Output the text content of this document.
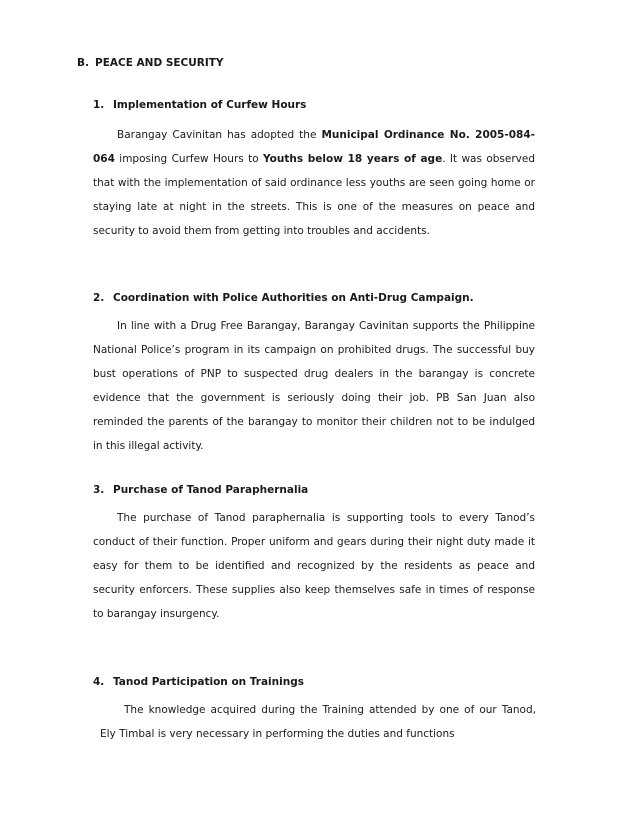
B. PEACE AND SECURITY
1. Implementation of Curfew Hours

Barangay Cavinitan has adopted the Municipal Ordinance No. 2005-084-064 imposing Curfew Hours to Youths below 18 years of age. It was observed that with the implementation of said ordinance less youths are seen going home or staying late at night in the streets. This is one of the measures on peace and security to avoid them from getting into troubles and accidents.

2. Coordination with Police Authorities on Anti-Drug Campaign.

In line with a Drug Free Barangay, Barangay Cavinitan supports the Philippine National Police’s program in its campaign on prohibited drugs. The successful buy bust operations of PNP to suspected drug dealers in the barangay is concrete evidence that the government is seriously doing their job. PB San Juan also reminded the parents of the barangay to monitor their children not to be indulged in this illegal activity.

3. Purchase of Tanod Paraphernalia

The purchase of Tanod paraphernalia is supporting tools to every Tanod’s conduct of their function. Proper uniform and gears during their night duty made it easy for them to be identified and recognized by the residents as peace and security enforcers. These supplies also keep themselves safe in times of response to barangay insurgency.

4. Tanod Participation on Trainings

The knowledge acquired during the Training attended by one of our Tanod, Ely Timbal is very necessary in performing the duties and functions
